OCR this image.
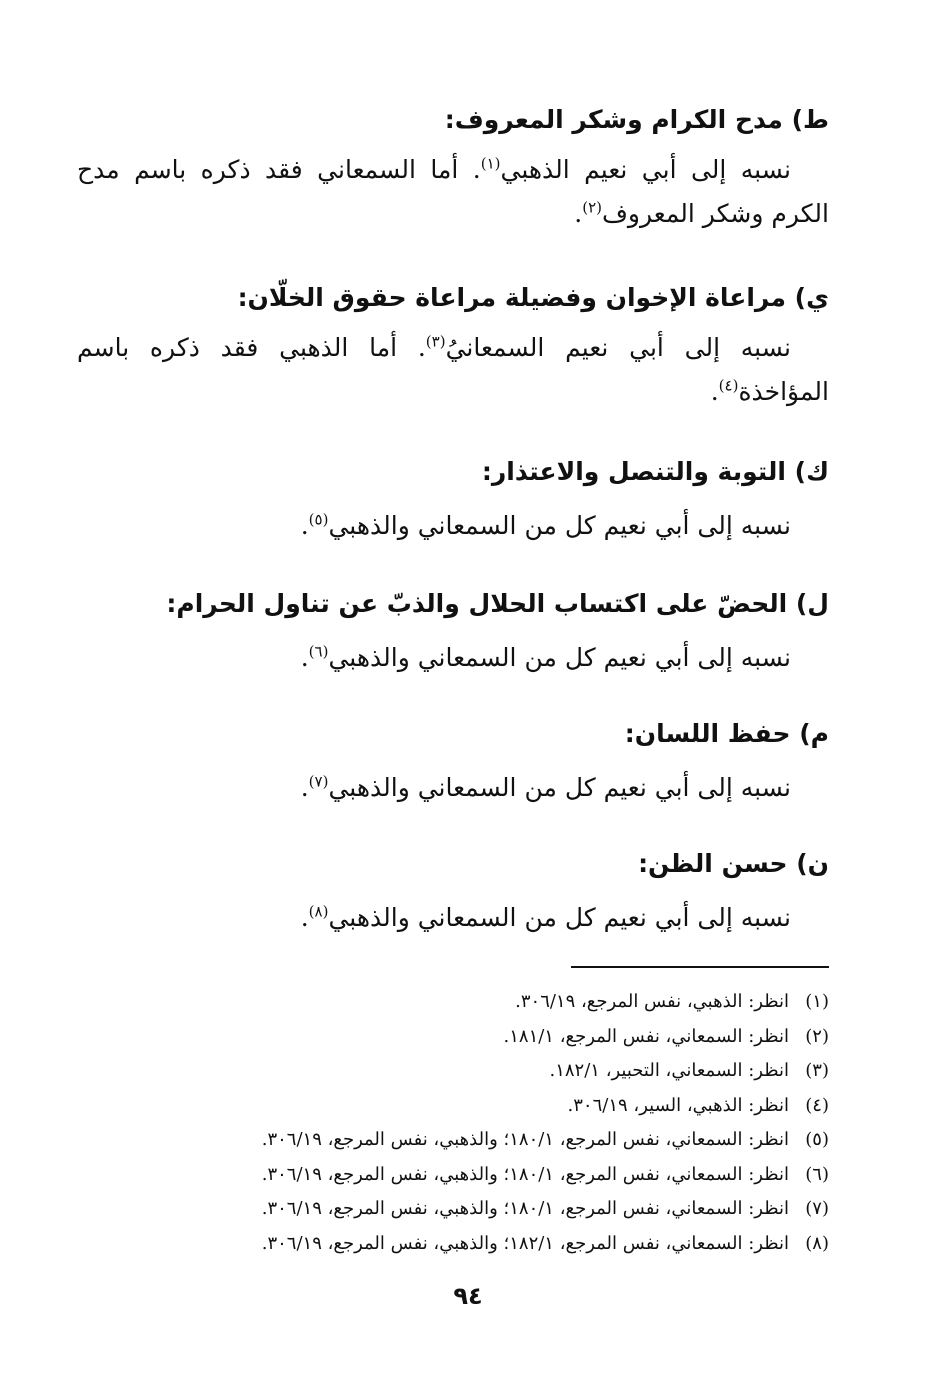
ط) مدح الكرام وشكر المعروف:

نسبه إلى أبي نعيم الذهبي$^{(١)}$. أما السمعاني فقد ذكره باسم مدح الكرم وشكر المعروف$^{(٢)}$.

ي) مراعاة الإخوان وفضيلة مراعاة حقوق الخلّان:

نسبه إلى أبي نعيم السمعانيُ$^{(٣)}$. أما الذهبي فقد ذكره باسم المؤاخذة$^{(٤)}$.

ك) التوبة والتنصل والاعتذار:

نسبه إلى أبي نعيم كل من السمعاني والذهبي$^{(٥)}$.

ل) الحضّ على اكتساب الحلال والذبّ عن تناول الحرام:

نسبه إلى أبي نعيم كل من السمعاني والذهبي$^{(٦)}$.

م) حفظ اللسان:

نسبه إلى أبي نعيم كل من السمعاني والذهبي$^{(٧)}$.

ن) حسن الظن:

نسبه إلى أبي نعيم كل من السمعاني والذهبي$^{(٨)}$.

(١)انظر: الذهبي، نفس المرجع، ٣٠٦/١٩.
(٢)انظر: السمعاني، نفس المرجع، ١٨١/١.
(٣)انظر: السمعاني، التحبير، ١٨٢/١.
(٤)انظر: الذهبي، السير، ٣٠٦/١٩.
(٥)انظر: السمعاني، نفس المرجع، ١٨٠/١؛ والذهبي، نفس المرجع، ٣٠٦/١٩.
(٦)انظر: السمعاني، نفس المرجع، ١٨٠/١؛ والذهبي، نفس المرجع، ٣٠٦/١٩.
(٧)انظر: السمعاني، نفس المرجع، ١٨٠/١؛ والذهبي، نفس المرجع، ٣٠٦/١٩.
(٨)انظر: السمعاني، نفس المرجع، ١٨٢/١؛ والذهبي، نفس المرجع، ٣٠٦/١٩.
٩٤
